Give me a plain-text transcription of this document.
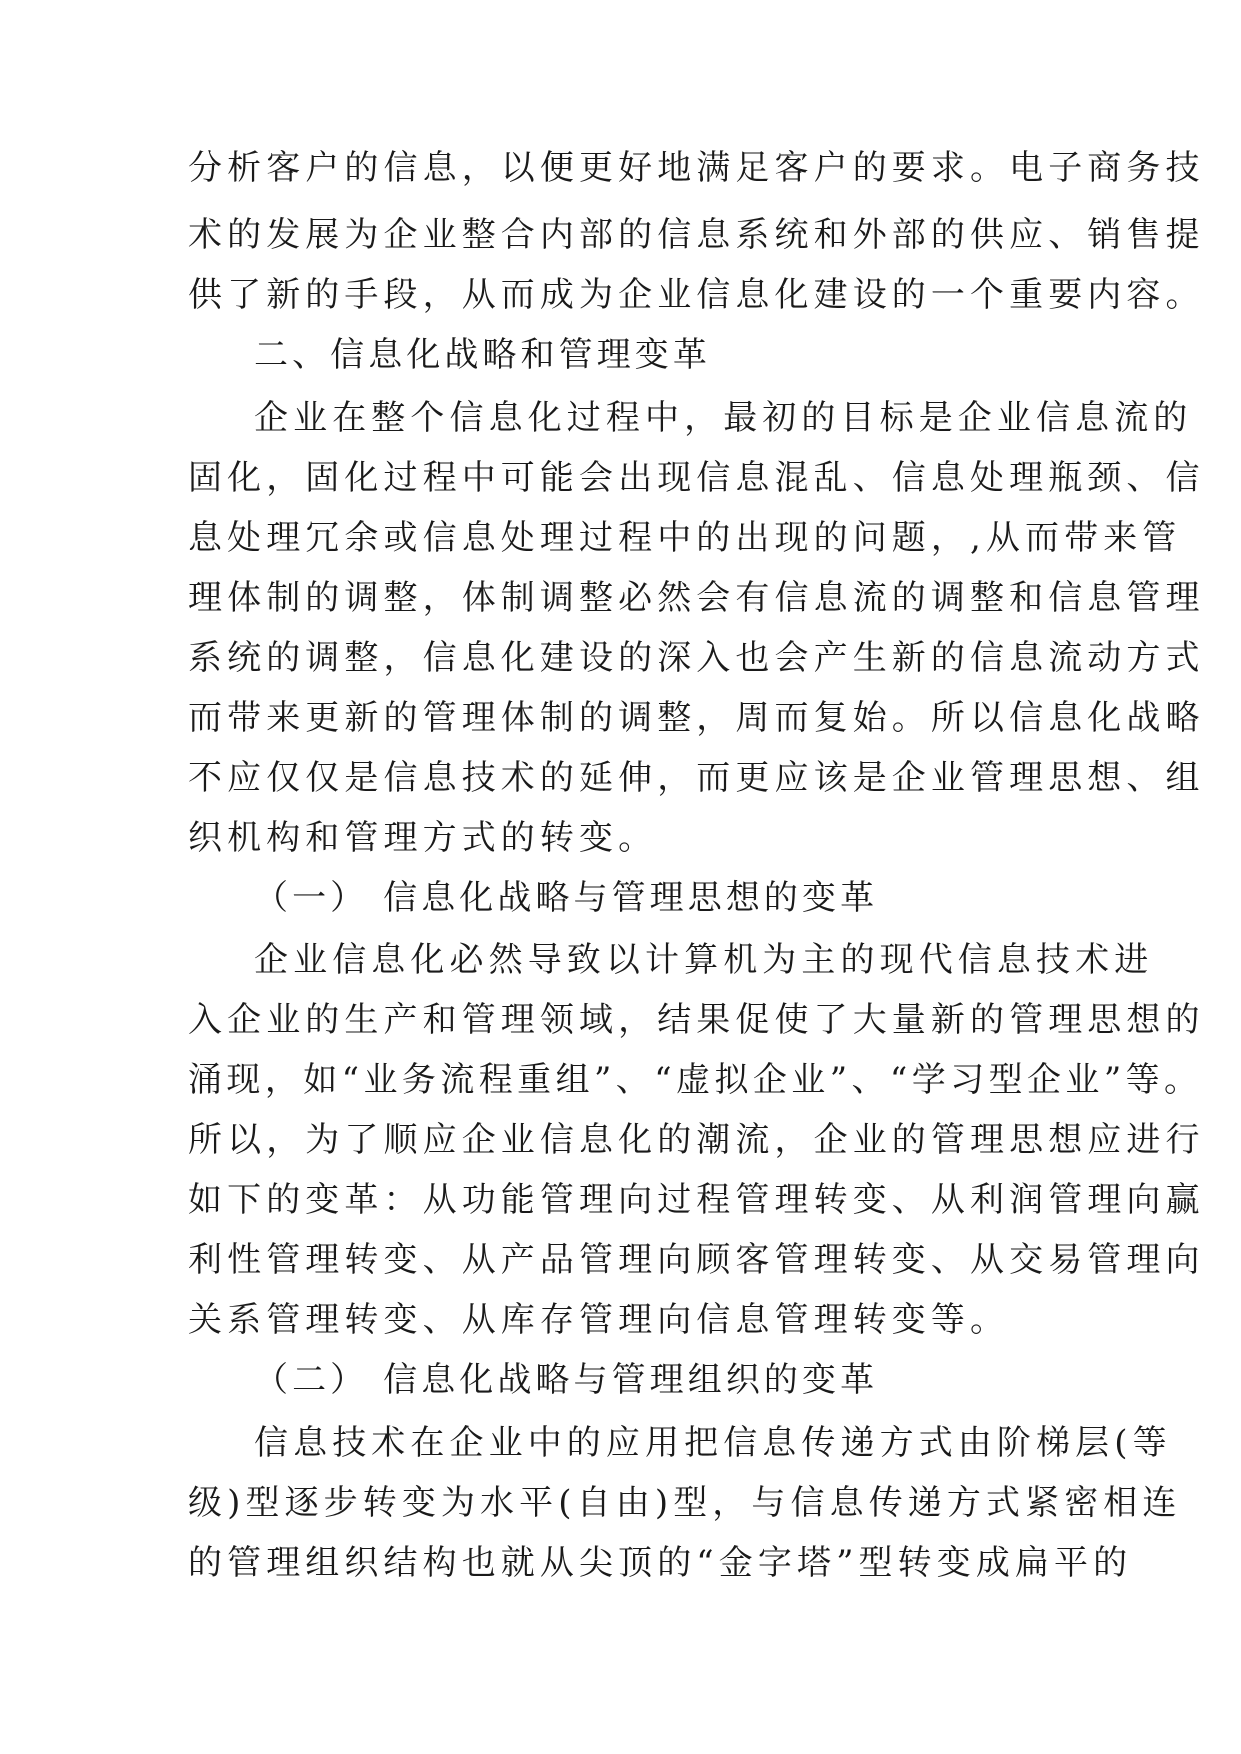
分析客户的信息，以便更好地满足客户的要求。电子商务技
术的发展为企业整合内部的信息系统和外部的供应、销售提
供了新的手段，从而成为企业信息化建设的一个重要内容。
二、信息化战略和管理变革
企业在整个信息化过程中，最初的目标是企业信息流的
固化，固化过程中可能会出现信息混乱、信息处理瓶颈、信
息处理冗余或信息处理过程中的出现的问题，,从而带来管
理体制的调整，体制调整必然会有信息流的调整和信息管理
系统的调整，信息化建设的深入也会产生新的信息流动方式
而带来更新的管理体制的调整，周而复始。所以信息化战略
不应仅仅是信息技术的延伸，而更应该是企业管理思想、组
织机构和管理方式的转变。
（一） 信息化战略与管理思想的变革
企业信息化必然导致以计算机为主的现代信息技术进
入企业的生产和管理领域，结果促使了大量新的管理思想的
涌现，如“业务流程重组”、“虚拟企业”、“学习型企业”等。
所以，为了顺应企业信息化的潮流，企业的管理思想应进行
如下的变革：从功能管理向过程管理转变、从利润管理向赢
利性管理转变、从产品管理向顾客管理转变、从交易管理向
关系管理转变、从库存管理向信息管理转变等。
（二） 信息化战略与管理组织的变革
信息技术在企业中的应用把信息传递方式由阶梯层(等
级)型逐步转变为水平(自由)型，与信息传递方式紧密相连
的管理组织结构也就从尖顶的“金字塔”型转变成扁平的
